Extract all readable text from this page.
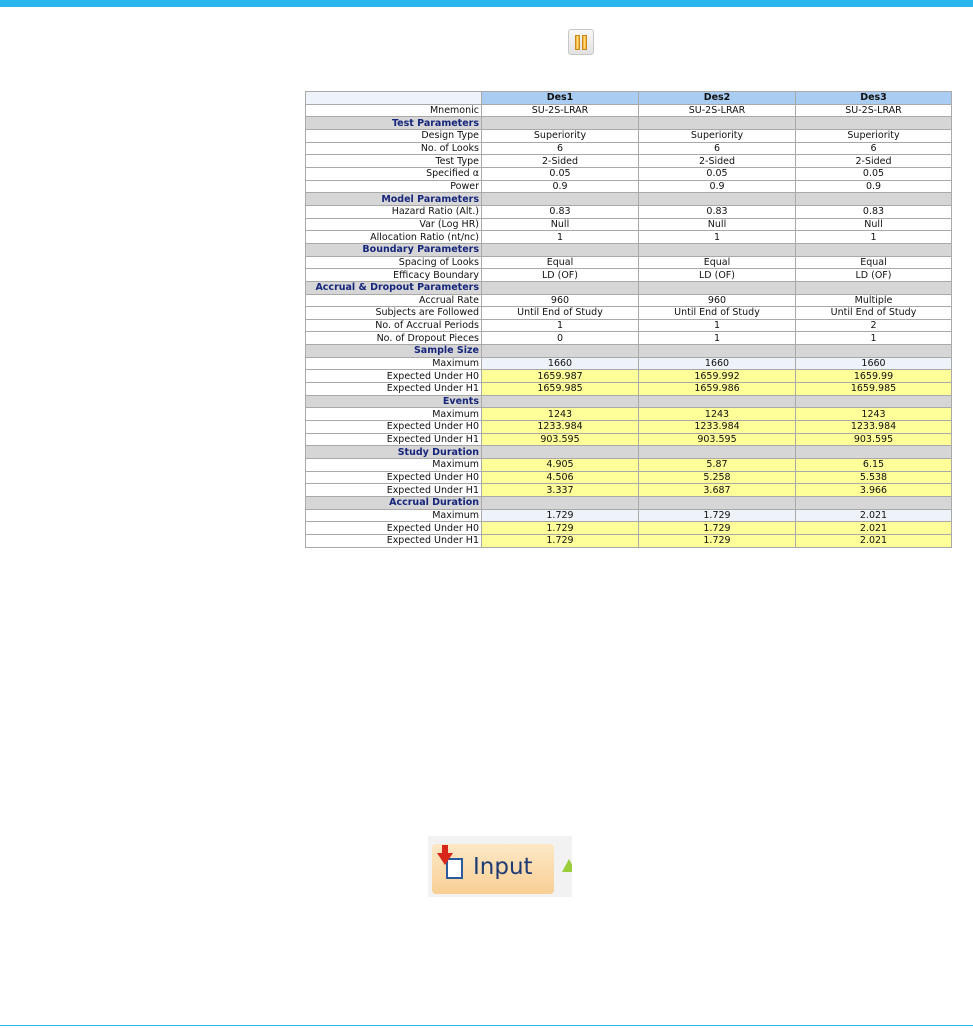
	Des1	Des2	Des3
Mnemonic	SU-2S-LRAR	SU-2S-LRAR	SU-2S-LRAR
Test Parameters			
Design Type	Superiority	Superiority	Superiority
No. of Looks	6	6	6
Test Type	2-Sided	2-Sided	2-Sided
Specified α	0.05	0.05	0.05
Power	0.9	0.9	0.9
Model Parameters			
Hazard Ratio (Alt.)	0.83	0.83	0.83
Var (Log HR)	Null	Null	Null
Allocation Ratio (nt/nc)	1	1	1
Boundary Parameters			
Spacing of Looks	Equal	Equal	Equal
Efficacy Boundary	LD (OF)	LD (OF)	LD (OF)
Accrual & Dropout Parameters			
Accrual Rate	960	960	Multiple
Subjects are Followed	Until End of Study	Until End of Study	Until End of Study
No. of Accrual Periods	1	1	2
No. of Dropout Pieces	0	1	1
Sample Size			
Maximum	1660	1660	1660
Expected Under H0	1659.987	1659.992	1659.99
Expected Under H1	1659.985	1659.986	1659.985
Events			
Maximum	1243	1243	1243
Expected Under H0	1233.984	1233.984	1233.984
Expected Under H1	903.595	903.595	903.595
Study Duration			
Maximum	4.905	5.87	6.15
Expected Under H0	4.506	5.258	5.538
Expected Under H1	3.337	3.687	3.966
Accrual Duration			
Maximum	1.729	1.729	2.021
Expected Under H0	1.729	1.729	2.021
Expected Under H1	1.729	1.729	2.021
Input
